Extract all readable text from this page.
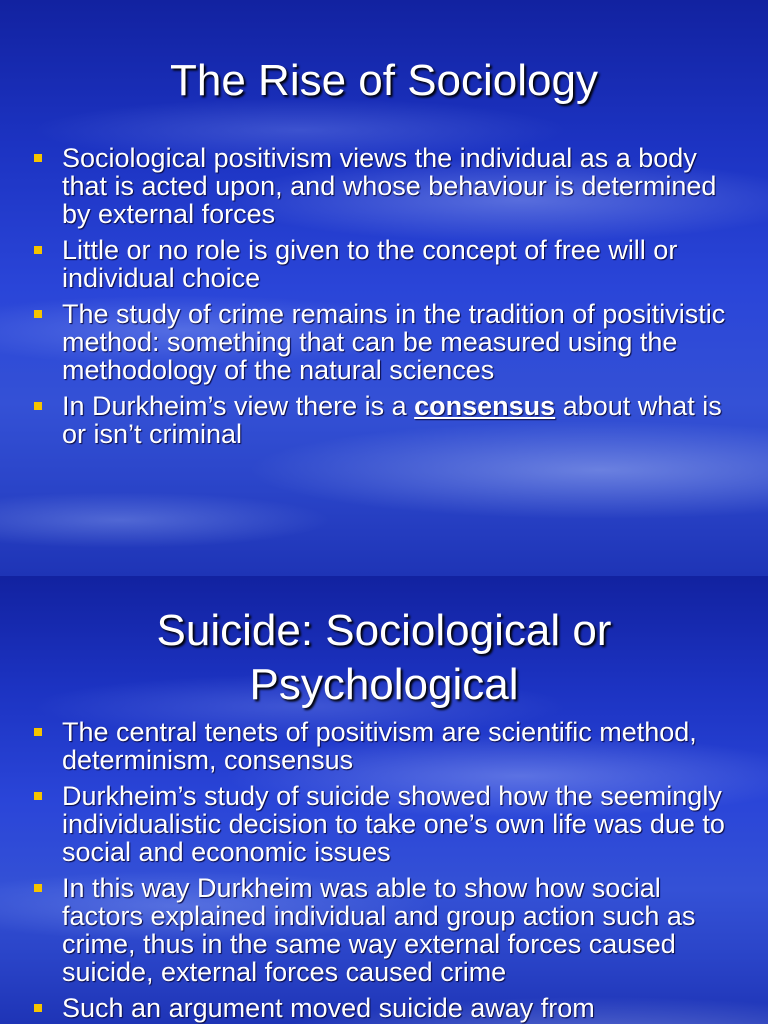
The Rise of Sociology
Sociological positivism views the individual as a body that is acted upon, and whose behaviour is determined by external forces
Little or no role is given to the concept of free will or individual choice
The study of crime remains in the tradition of positivistic method: something that can be measured using the methodology of the natural sciences
In Durkheim’s view there is a consensus about what is or isn’t criminal
Suicide: Sociological or
Psychological
The central tenets of positivism are scientific method, determinism, consensus
Durkheim’s study of suicide showed how the seemingly individualistic decision to take one’s own life was due to social and economic issues
In this way Durkheim was able to show how social factors explained individual and group action such as crime, thus in the same way external forces caused suicide, external forces caused crime
Such an argument moved suicide away from
